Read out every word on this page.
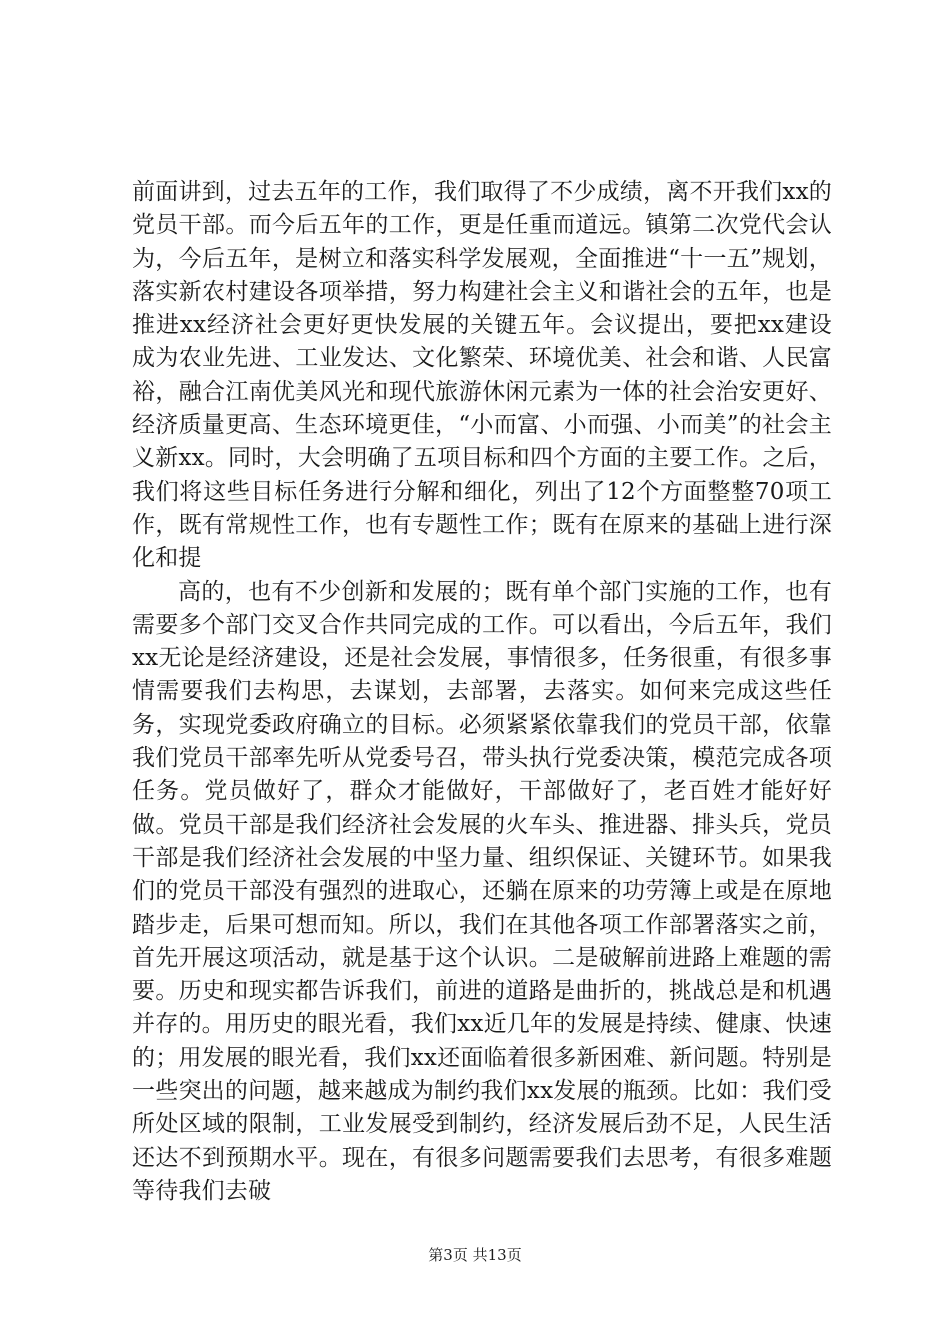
前面讲到，过去五年的工作，我们取得了不少成绩，离不开我们xx的党员干部。而今后五年的工作，更是任重而道远。镇第二次党代会认为，今后五年，是树立和落实科学发展观，全面推进“十一五”规划，落实新农村建设各项举措，努力构建社会主义和谐社会的五年，也是推进xx经济社会更好更快发展的关键五年。会议提出，要把xx建设成为农业先进、工业发达、文化繁荣、环境优美、社会和谐、人民富裕，融合江南优美风光和现代旅游休闲元素为一体的社会治安更好、经济质量更高、生态环境更佳，“小而富、小而强、小而美”的社会主义新xx。同时，大会明确了五项目标和四个方面的主要工作。之后，我们将这些目标任务进行分解和细化，列出了12个方面整整70项工作，既有常规性工作，也有专题性工作；既有在原来的基础上进行深化和提

高的，也有不少创新和发展的；既有单个部门实施的工作，也有需要多个部门交叉合作共同完成的工作。可以看出，今后五年，我们xx无论是经济建设，还是社会发展，事情很多，任务很重，有很多事情需要我们去构思，去谋划，去部署，去落实。如何来完成这些任务，实现党委政府确立的目标。必须紧紧依靠我们的党员干部，依靠我们党员干部率先听从党委号召，带头执行党委决策，模范完成各项任务。党员做好了，群众才能做好，干部做好了，老百姓才能好好做。党员干部是我们经济社会发展的火车头、推进器、排头兵，党员干部是我们经济社会发展的中坚力量、组织保证、关键环节。如果我们的党员干部没有强烈的进取心，还躺在原来的功劳簿上或是在原地踏步走，后果可想而知。所以，我们在其他各项工作部署落实之前，首先开展这项活动，就是基于这个认识。二是破解前进路上难题的需要。历史和现实都告诉我们，前进的道路是曲折的，挑战总是和机遇并存的。用历史的眼光看，我们xx近几年的发展是持续、健康、快速的；用发展的眼光看，我们xx还面临着很多新困难、新问题。特别是一些突出的问题，越来越成为制约我们xx发展的瓶颈。比如：我们受所处区域的限制，工业发展受到制约，经济发展后劲不足，人民生活还达不到预期水平。现在，有很多问题需要我们去思考，有很多难题等待我们去破

第3页 共13页
